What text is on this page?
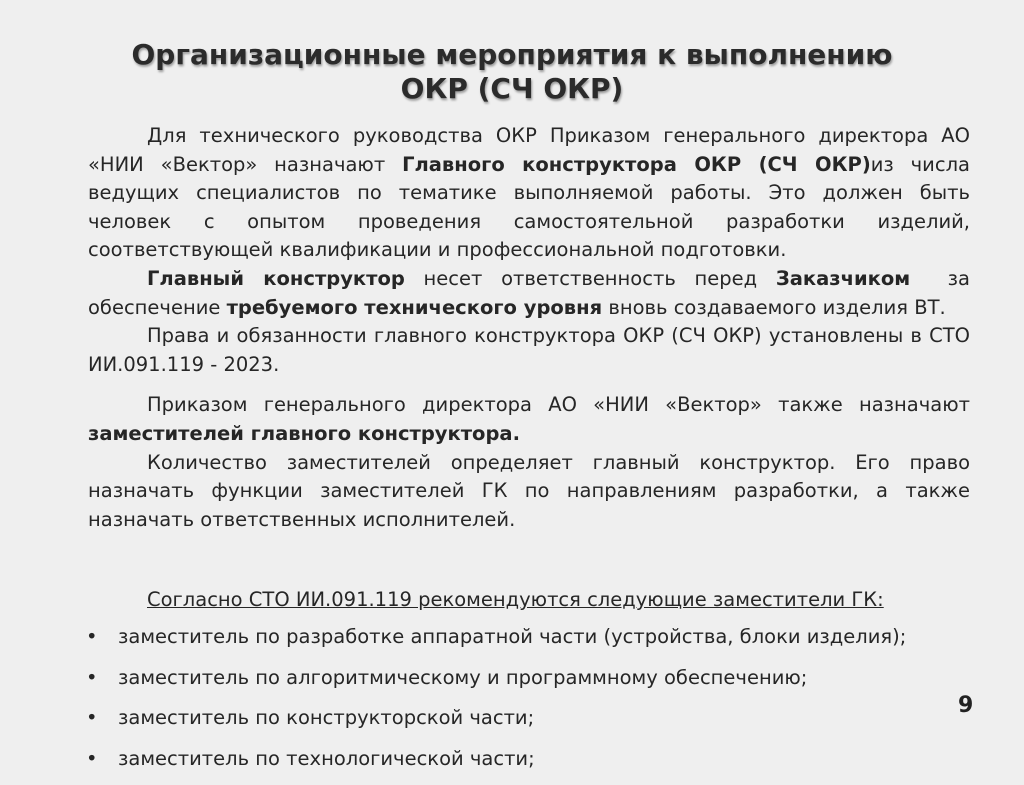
Организационные мероприятия к выполнению
ОКР (СЧ ОКР)

Для технического руководства ОКР Приказом генерального директора АО «НИИ «Вектор» назначают Главного конструктора ОКР (СЧ ОКР)из числа ведущих специалистов по тематике выполняемой работы. Это должен быть человек с опытом проведения самостоятельной разработки изделий, соответствующей квалификации и профессиональной подготовки.

Главный конструктор несет ответственность перед Заказчиком  за обеспечение требуемого технического уровня вновь создаваемого изделия ВТ.

Права и обязанности главного конструктора ОКР (СЧ ОКР) установлены в СТО ИИ.091.119 - 2023.

Приказом генерального директора АО «НИИ «Вектор» также назначают заместителей главного конструктора.

Количество заместителей определяет главный конструктор. Его право назначать функции заместителей ГК по направлениям разработки, а также назначать ответственных исполнителей.

Согласно СТО ИИ.091.119 рекомендуются следующие заместители ГК:
• заместитель по разработке аппаратной части (устройства, блоки изделия);
• заместитель по алгоритмическому и программному обеспечению;
• заместитель по конструкторской части;
• заместитель по технологической части;
9
